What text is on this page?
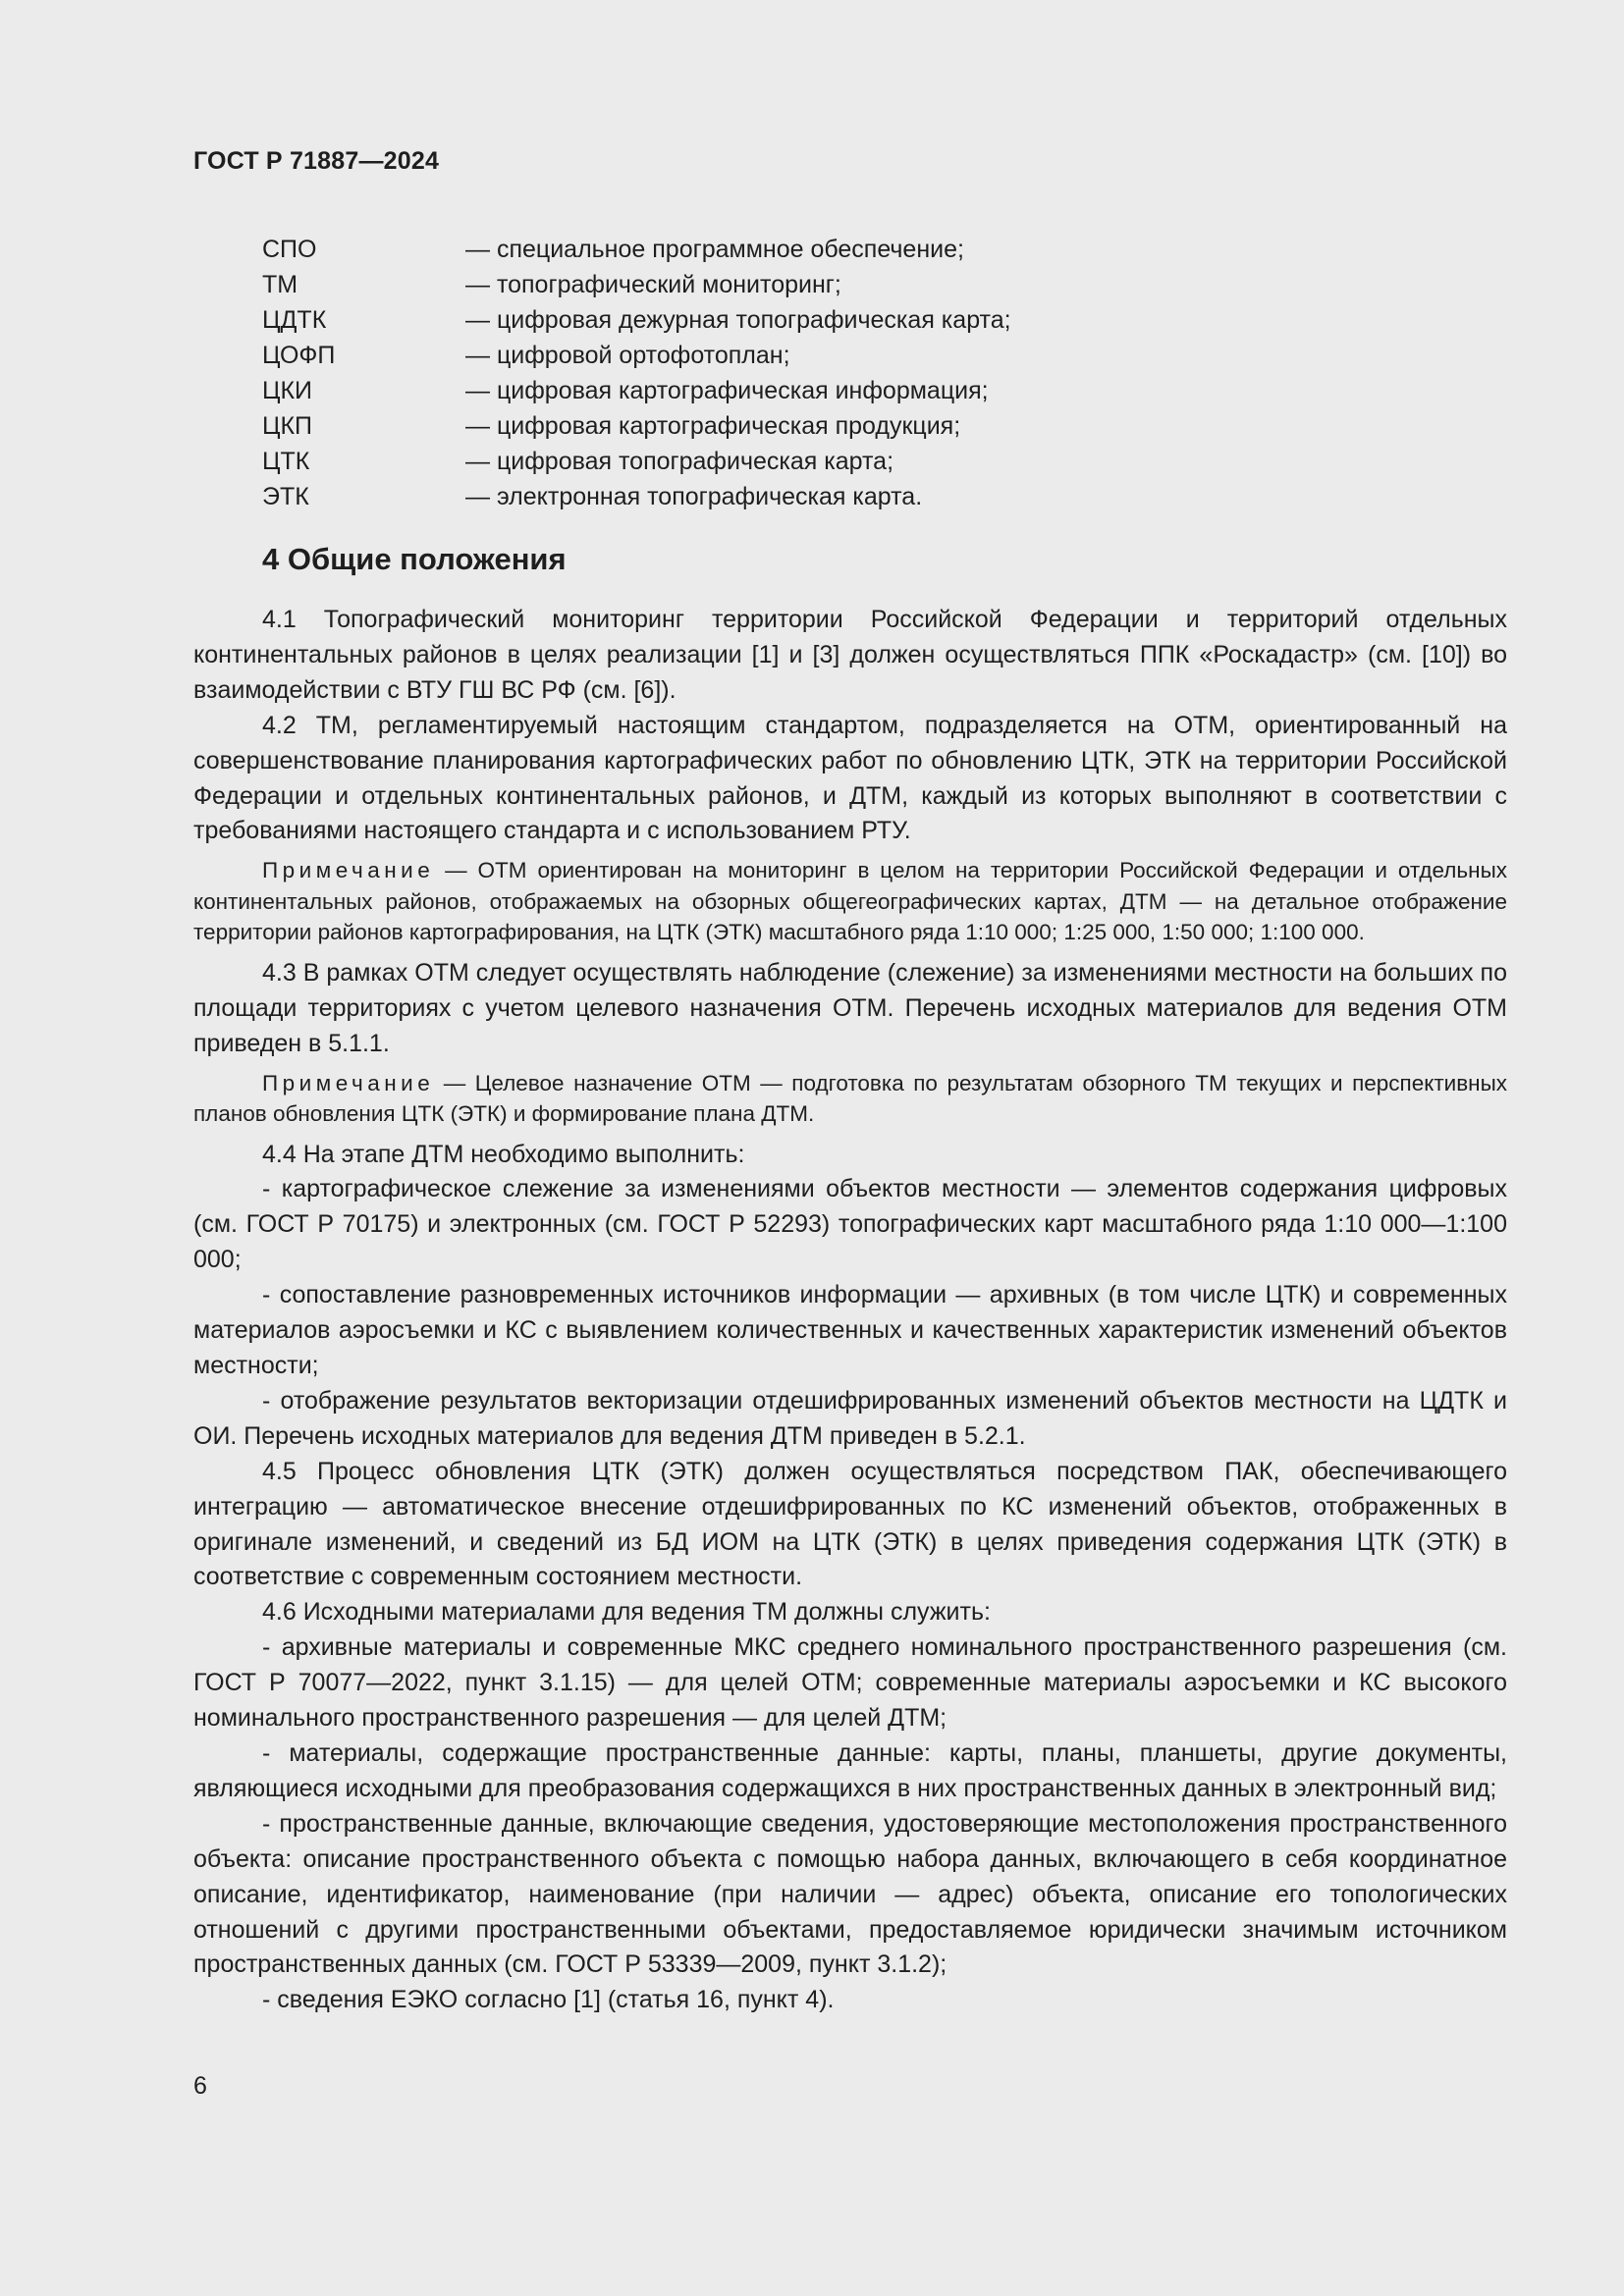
ГОСТ Р 71887—2024
СПО	— специальное программное обеспечение;
ТМ	— топографический мониторинг;
ЦДТК	— цифровая дежурная топографическая карта;
ЦОФП	— цифровой ортофотоплан;
ЦКИ	— цифровая картографическая информация;
ЦКП	— цифровая картографическая продукция;
ЦТК	— цифровая топографическая карта;
ЭТК	— электронная топографическая карта.
4 Общие положения

4.1 Топографический мониторинг территории Российской Федерации и территорий отдельных континентальных районов в целях реализации [1] и [3] должен осуществляться ППК «Роскадастр» (см. [10]) во взаимодействии с ВТУ ГШ ВС РФ (см. [6]).

4.2 ТМ, регламентируемый настоящим стандартом, подразделяется на ОТМ, ориентированный на совершенствование планирования картографических работ по обновлению ЦТК, ЭТК на территории Российской Федерации и отдельных континентальных районов, и ДТМ, каждый из которых выполняют в соответствии с требованиями настоящего стандарта и с использованием РТУ.

Примечание — ОТМ ориентирован на мониторинг в целом на территории Российской Федерации и отдельных континентальных районов, отображаемых на обзорных общегеографических картах, ДТМ — на детальное отображение территории районов картографирования, на ЦТК (ЭТК) масштабного ряда 1:10 000; 1:25 000, 1:50 000; 1:100 000.

4.3 В рамках ОТМ следует осуществлять наблюдение (слежение) за изменениями местности на больших по площади территориях с учетом целевого назначения ОТМ. Перечень исходных материалов для ведения ОТМ приведен в 5.1.1.

Примечание — Целевое назначение ОТМ — подготовка по результатам обзорного ТМ текущих и перспективных планов обновления ЦТК (ЭТК) и формирование плана ДТМ.

4.4 На этапе ДТМ необходимо выполнить:

- картографическое слежение за изменениями объектов местности — элементов содержания цифровых (см. ГОСТ Р 70175) и электронных (см. ГОСТ Р 52293) топографических карт масштабного ряда 1:10 000—1:100 000;

- сопоставление разновременных источников информации — архивных (в том числе ЦТК) и современных материалов аэросъемки и КС с выявлением количественных и качественных характеристик изменений объектов местности;

- отображение результатов векторизации отдешифрированных изменений объектов местности на ЦДТК и ОИ. Перечень исходных материалов для ведения ДТМ приведен в 5.2.1.

4.5 Процесс обновления ЦТК (ЭТК) должен осуществляться посредством ПАК, обеспечивающего интеграцию — автоматическое внесение отдешифрированных по КС изменений объектов, отображенных в оригинале изменений, и сведений из БД ИОМ на ЦТК (ЭТК) в целях приведения содержания ЦТК (ЭТК) в соответствие с современным состоянием местности.

4.6 Исходными материалами для ведения ТМ должны служить:

- архивные материалы и современные МКС среднего номинального пространственного разрешения (см. ГОСТ Р 70077—2022, пункт 3.1.15) — для целей ОТМ; современные материалы аэросъемки и КС высокого номинального пространственного разрешения — для целей ДТМ;

- материалы, содержащие пространственные данные: карты, планы, планшеты, другие документы, являющиеся исходными для преобразования содержащихся в них пространственных данных в электронный вид;

- пространственные данные, включающие сведения, удостоверяющие местоположения пространственного объекта: описание пространственного объекта с помощью набора данных, включающего в себя координатное описание, идентификатор, наименование (при наличии — адрес) объекта, описание его топологических отношений с другими пространственными объектами, предоставляемое юридически значимым источником пространственных данных (см. ГОСТ Р 53339—2009, пункт 3.1.2);

- сведения ЕЭКО согласно [1] (статья 16, пункт 4).

6
